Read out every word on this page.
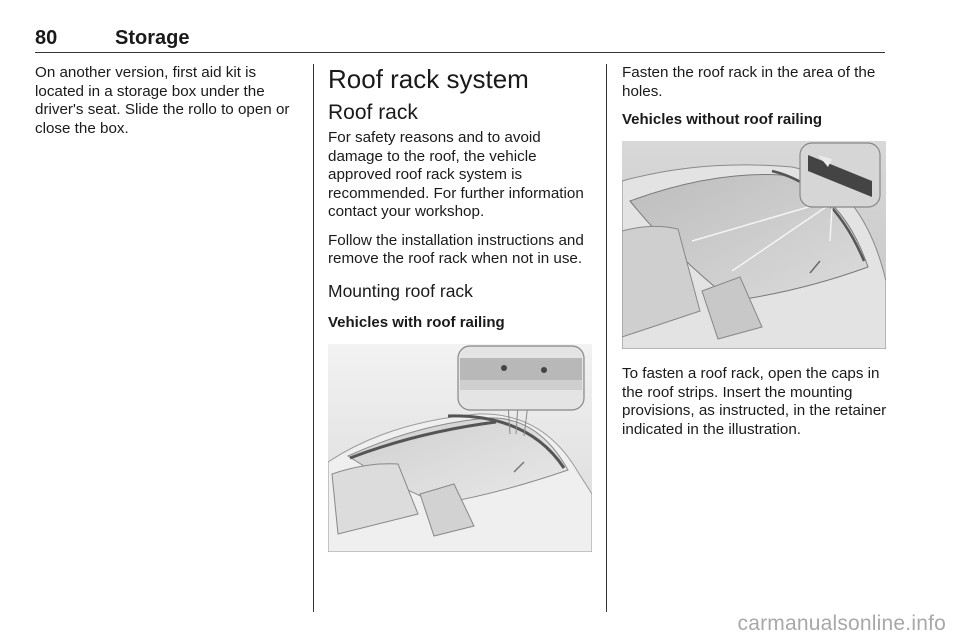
80	Storage

On another version, first aid kit is located in a storage box under the driver's seat. Slide the rollo to open or close the box.

Roof rack system
Roof rack

For safety reasons and to avoid damage to the roof, the vehicle approved roof rack system is recommended. For further information contact your workshop.

Follow the installation instructions and remove the roof rack when not in use.

Mounting roof rack
Vehicles with roof railing

Fasten the roof rack in the area of the holes.

Vehicles without roof railing

To fasten a roof rack, open the caps in the roof strips. Insert the mounting provisions, as instructed, in the retainer indicated in the illustration.

carmanualsonline.info
